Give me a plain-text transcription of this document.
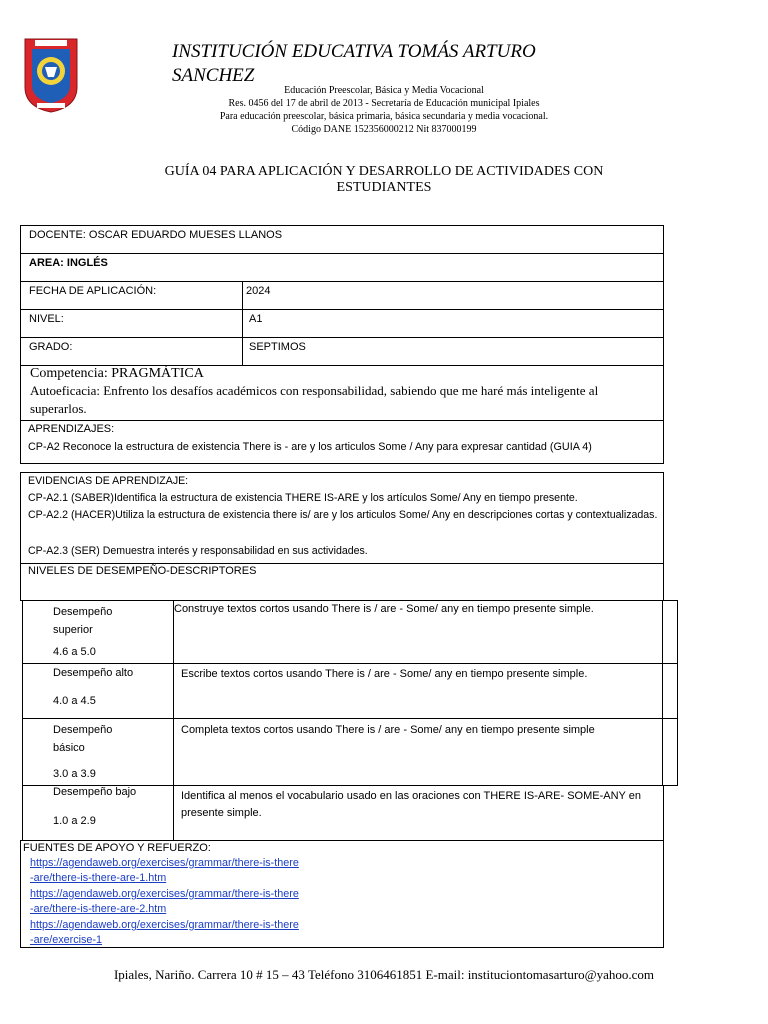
INSTITUCIÓN EDUCATIVA TOMÁS ARTURO SANCHEZ
Educación Preescolar, Básica y Media Vocacional
Res. 0456 del 17 de abril de 2013 - Secretaría de Educación municipal Ipiales
Para educación preescolar, básica primaria, básica secundaria y media vocacional.
Código DANE 152356000212 Nit 837000199
GUÍA 04 PARA APLICACIÓN Y DESARROLLO DE ACTIVIDADES CON ESTUDIANTES
DOCENTE: OSCAR EDUARDO MUESES LLANOS
AREA: INGLÉS
FECHA DE APLICACIÓN:	2024
NIVEL:	A1
GRADO:	SEPTIMOS
Competencia: PRAGMÁTICA
Autoeficacia: Enfrento los desafíos académicos con responsabilidad, sabiendo que me haré más inteligente al superarlos.
APRENDIZAJES:
CP-A2 Reconoce la estructura de existencia There is - are y los articulos Some / Any para expresar cantidad (GUIA 4)
EVIDENCIAS DE APRENDIZAJE:
CP-A2.1 (SABER)Identifica la estructura de existencia THERE IS-ARE y los artículos Some/ Any en tiempo presente.
CP-A2.2 (HACER)Utiliza la estructura de existencia there is/ are y los articulos Some/ Any en descripciones cortas y contextualizadas.
CP-A2.3 (SER) Demuestra interés y responsabilidad en sus actividades.
NIVELES DE DESEMPEÑO-DESCRIPTORES
Desempeño superior
4.6 a 5.0
Construye textos cortos usando There is / are - Some/ any en tiempo presente simple.
Desempeño alto
4.0 a 4.5
Escribe textos cortos usando There is / are - Some/ any en tiempo presente simple.
Desempeño básico
3.0 a 3.9
Completa textos cortos usando There is / are - Some/ any en tiempo presente simple
Desempeño bajo
1.0 a 2.9
Identifica al menos el vocabulario usado en las oraciones con THERE IS-ARE- SOME-ANY en presente simple.
FUENTES DE APOYO Y REFUERZO:
https://agendaweb.org/exercises/grammar/there-is-there-are/there-is-there-are-1.htm
https://agendaweb.org/exercises/grammar/there-is-there-are/there-is-there-are-2.htm
https://agendaweb.org/exercises/grammar/there-is-there-are/exercise-1
Ipiales, Nariño. Carrera 10 # 15 – 43 Teléfono 3106461851 E-mail: instituciontomasarturo@yahoo.com
